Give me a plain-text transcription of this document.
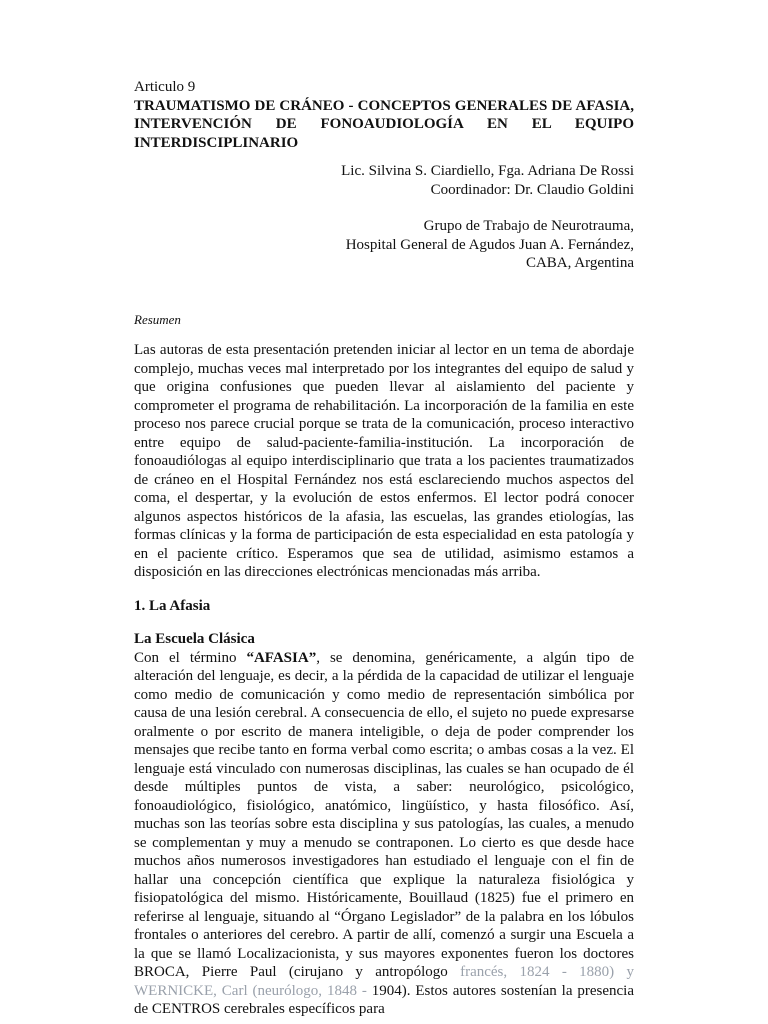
Articulo 9

TRAUMATISMO DE CRÁNEO - CONCEPTOS GENERALES DE AFASIA, INTERVENCIÓN DE FONOAUDIOLOGÍA EN EL EQUIPO INTERDISCIPLINARIO

Lic. Silvina S. Ciardiello, Fga. Adriana De Rossi
Coordinador: Dr. Claudio Goldini

Grupo de Trabajo de Neurotrauma,
Hospital General de Agudos Juan A. Fernández,
CABA, Argentina

Resumen

Las autoras de esta presentación pretenden iniciar al lector en un tema de abordaje complejo, muchas veces mal interpretado por los integrantes del equipo de salud y que origina confusiones que pueden llevar al aislamiento del paciente y comprometer el programa de rehabilitación. La incorporación de la familia en este proceso nos parece crucial porque se trata de la comunicación, proceso interactivo entre equipo de salud-paciente-familia-institución. La incorporación de fonoaudiólogas al equipo interdisciplinario que trata a los pacientes traumatizados de cráneo en el Hospital Fernández nos está esclareciendo muchos aspectos del coma, el despertar, y la evolución de estos enfermos. El lector podrá conocer algunos aspectos históricos de la afasia, las escuelas, las grandes etiologías, las formas clínicas y la forma de participación de esta especialidad en esta patología y en el paciente crítico. Esperamos que sea de utilidad, asimismo estamos a disposición en las direcciones electrónicas mencionadas más arriba.

1. La Afasia

La Escuela Clásica

Con el término “AFASIA”, se denomina, genéricamente, a algún tipo de alteración del lenguaje, es decir, a la pérdida de la capacidad de utilizar el lenguaje como medio de comunicación y como medio de representación simbólica por causa de una lesión cerebral. A consecuencia de ello, el sujeto no puede expresarse oralmente o por escrito de manera inteligible, o deja de poder comprender los mensajes que recibe tanto en forma verbal como escrita; o ambas cosas a la vez. El lenguaje está vinculado con numerosas disciplinas, las cuales se han ocupado de él desde múltiples puntos de vista, a saber: neurológico, psicológico, fonoaudiológico, fisiológico, anatómico, lingüístico, y hasta filosófico. Así, muchas son las teorías sobre esta disciplina y sus patologías, las cuales, a menudo se complementan y muy a menudo se contraponen. Lo cierto es que desde hace muchos años numerosos investigadores han estudiado el lenguaje con el fin de hallar una concepción científica que explique la naturaleza fisiológica y fisiopatológica del mismo. Históricamente, Bouillaud (1825) fue el primero en referirse al lenguaje, situando al “Órgano Legislador” de la palabra en los lóbulos frontales o anteriores del cerebro. A partir de allí, comenzó a surgir una Escuela a la que se llamó Localizacionista, y sus mayores exponentes fueron los doctores BROCA, Pierre Paul (cirujano y antropólogo francés, 1824 - 1880) y WERNICKE, Carl (neurólogo, 1848 - 1904). Estos autores sostenían la presencia de CENTROS cerebrales específicos para
